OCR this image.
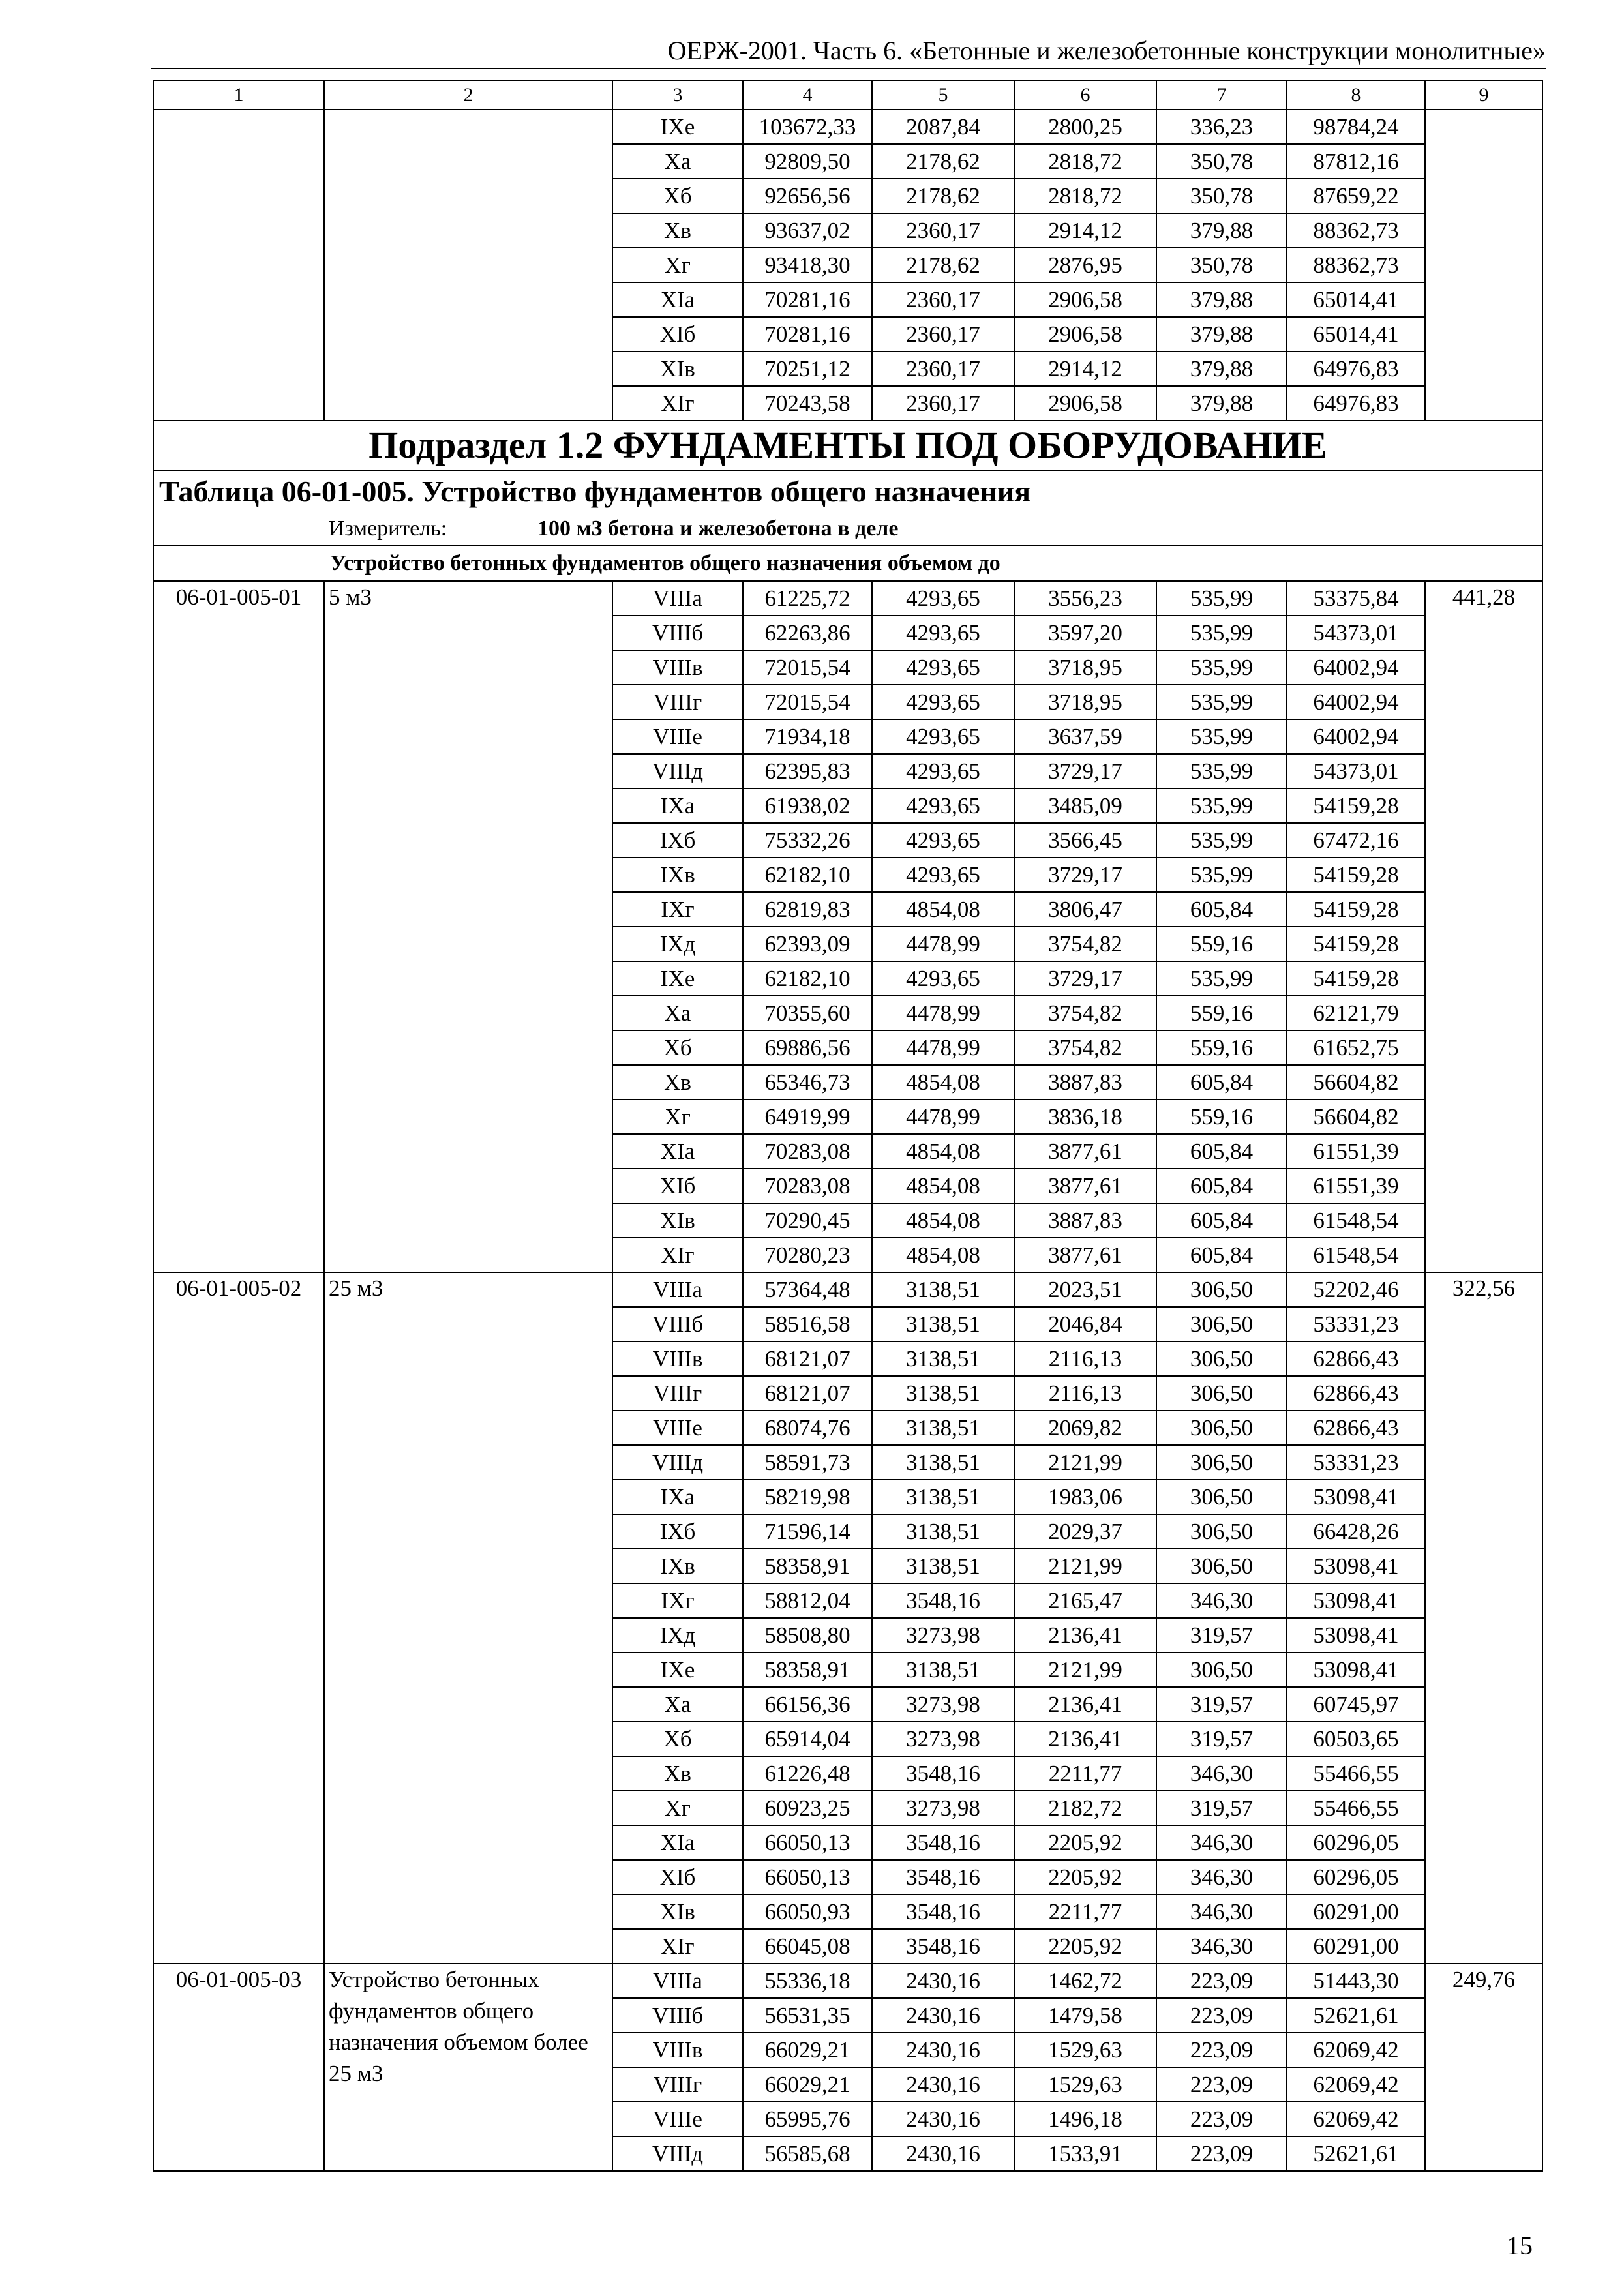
ОЕРЖ-2001. Часть 6. «Бетонные и железобетонные конструкции монолитные»
1	2	3	4	5	6	7	8	9
		IXе	103672,33	2087,84	2800,25	336,23	98784,24	
		Xа	92809,50	2178,62	2818,72	350,78	87812,16	
		Xб	92656,56	2178,62	2818,72	350,78	87659,22	
		Xв	93637,02	2360,17	2914,12	379,88	88362,73	
		Xг	93418,30	2178,62	2876,95	350,78	88362,73	
		XIа	70281,16	2360,17	2906,58	379,88	65014,41	
		XIб	70281,16	2360,17	2906,58	379,88	65014,41	
		XIв	70251,12	2360,17	2914,12	379,88	64976,83	
		XIг	70243,58	2360,17	2906,58	379,88	64976,83	
Подраздел 1.2 ФУНДАМЕНТЫ ПОД ОБОРУДОВАНИЕ								
Таблица 06-01-005. Устройство фундаментов общего назначения								
Измеритель: 100 м3 бетона и железобетона в деле								
Устройство бетонных фундаментов общего назначения объемом до								
06-01-005-01	5 м3	VIIIа	61225,72	4293,65	3556,23	535,99	53375,84	441,28
		VIIIб	62263,86	4293,65	3597,20	535,99	54373,01	
		VIIIв	72015,54	4293,65	3718,95	535,99	64002,94	
		VIIIг	72015,54	4293,65	3718,95	535,99	64002,94	
		VIIIе	71934,18	4293,65	3637,59	535,99	64002,94	
		VIIIд	62395,83	4293,65	3729,17	535,99	54373,01	
		IXа	61938,02	4293,65	3485,09	535,99	54159,28	
		IXб	75332,26	4293,65	3566,45	535,99	67472,16	
		IXв	62182,10	4293,65	3729,17	535,99	54159,28	
		IXг	62819,83	4854,08	3806,47	605,84	54159,28	
		IXд	62393,09	4478,99	3754,82	559,16	54159,28	
		IXе	62182,10	4293,65	3729,17	535,99	54159,28	
		Xа	70355,60	4478,99	3754,82	559,16	62121,79	
		Xб	69886,56	4478,99	3754,82	559,16	61652,75	
		Xв	65346,73	4854,08	3887,83	605,84	56604,82	
		Xг	64919,99	4478,99	3836,18	559,16	56604,82	
		XIа	70283,08	4854,08	3877,61	605,84	61551,39	
		XIб	70283,08	4854,08	3877,61	605,84	61551,39	
		XIв	70290,45	4854,08	3887,83	605,84	61548,54	
		XIг	70280,23	4854,08	3877,61	605,84	61548,54	
06-01-005-02	25 м3	VIIIа	57364,48	3138,51	2023,51	306,50	52202,46	322,56
		VIIIб	58516,58	3138,51	2046,84	306,50	53331,23	
		VIIIв	68121,07	3138,51	2116,13	306,50	62866,43	
		VIIIг	68121,07	3138,51	2116,13	306,50	62866,43	
		VIIIе	68074,76	3138,51	2069,82	306,50	62866,43	
		VIIIд	58591,73	3138,51	2121,99	306,50	53331,23	
		IXа	58219,98	3138,51	1983,06	306,50	53098,41	
		IXб	71596,14	3138,51	2029,37	306,50	66428,26	
		IXв	58358,91	3138,51	2121,99	306,50	53098,41	
		IXг	58812,04	3548,16	2165,47	346,30	53098,41	
		IXд	58508,80	3273,98	2136,41	319,57	53098,41	
		IXе	58358,91	3138,51	2121,99	306,50	53098,41	
		Xа	66156,36	3273,98	2136,41	319,57	60745,97	
		Xб	65914,04	3273,98	2136,41	319,57	60503,65	
		Xв	61226,48	3548,16	2211,77	346,30	55466,55	
		Xг	60923,25	3273,98	2182,72	319,57	55466,55	
		XIа	66050,13	3548,16	2205,92	346,30	60296,05	
		XIб	66050,13	3548,16	2205,92	346,30	60296,05	
		XIв	66050,93	3548,16	2211,77	346,30	60291,00	
		XIг	66045,08	3548,16	2205,92	346,30	60291,00	
06-01-005-03	Устройство бетонных фундаментов общего назначения объемом более 25 м3	VIIIа	55336,18	2430,16	1462,72	223,09	51443,30	249,76
		VIIIб	56531,35	2430,16	1479,58	223,09	52621,61	
		VIIIв	66029,21	2430,16	1529,63	223,09	62069,42	
		VIIIг	66029,21	2430,16	1529,63	223,09	62069,42	
		VIIIе	65995,76	2430,16	1496,18	223,09	62069,42	
		VIIIд	56585,68	2430,16	1533,91	223,09	52621,61	
15
